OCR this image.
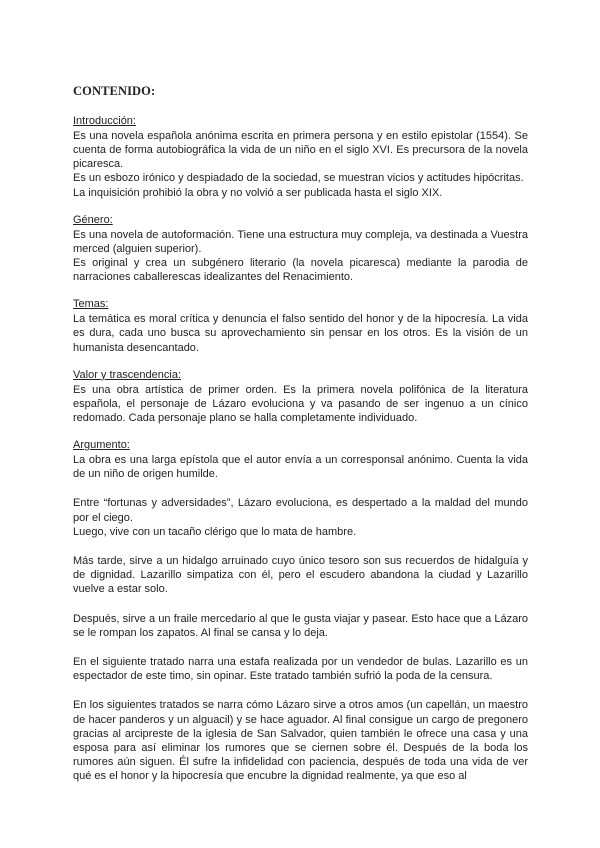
CONTENIDO:
Introducción:

Es una novela española anónima escrita en primera persona y en estilo epistolar (1554). Se cuenta de forma autobiográfica la vida de un niño en el siglo XVI. Es precursora de la novela picaresca.

Es un esbozo irónico y despiadado de la sociedad, se muestran vicios y actitudes hipócritas.

La inquisición prohibió la obra y no volvió a ser publicada hasta el siglo XIX.

Género:

Es una novela de autoformación. Tiene una estructura muy compleja, va destinada a Vuestra merced (alguien superior).

Es original y crea un subgénero literario (la novela picaresca) mediante la parodia de narraciones caballerescas idealizantes del Renacimiento.

Temas:

La temática es moral crítica y denuncia el falso sentido del honor y de la hipocresía. La vida es dura, cada uno busca su aprovechamiento sin pensar en los otros. Es la visión de un humanista desencantado.

Valor y trascendencia:

Es una obra artística de primer orden. Es la primera novela polifónica de la literatura española, el personaje de Lázaro evoluciona y va pasando de ser ingenuo a un cínico redomado. Cada personaje plano se halla completamente individuado.

Argumento:

La obra es una larga epístola que el autor envía a un corresponsal anónimo. Cuenta la vida de un niño de origen humilde.

Entre “fortunas y adversidades”, Lázaro evoluciona, es despertado a la maldad del mundo por el ciego.

Luego, vive con un tacaño clérigo que lo mata de hambre.

Más tarde, sirve a un hidalgo arruinado cuyo único tesoro son sus recuerdos de hidalguía y de dignidad. Lazarillo simpatiza con él, pero el escudero abandona la ciudad y Lazarillo vuelve a estar solo.

Después, sirve a un fraile mercedario al que le gusta viajar y pasear. Esto hace que a Lázaro se le rompan los zapatos. Al final se cansa y lo deja.

En el siguiente tratado narra una estafa realizada por un vendedor de bulas. Lazarillo es un espectador de este timo, sin opinar. Este tratado también sufrió la poda de la censura.

En los siguientes tratados se narra cómo Lázaro sirve a otros amos (un capellán, un maestro de hacer panderos y un alguacil) y se hace aguador. Al final consigue un cargo de pregonero gracias al arcipreste de la iglesia de San Salvador, quien también le ofrece una casa y una esposa para así eliminar los rumores que se ciernen sobre él. Después de la boda los rumores aún siguen. Él sufre la infidelidad con paciencia, después de toda una vida de ver qué es el honor y la hipocresía que encubre la dignidad realmente, ya que eso al
